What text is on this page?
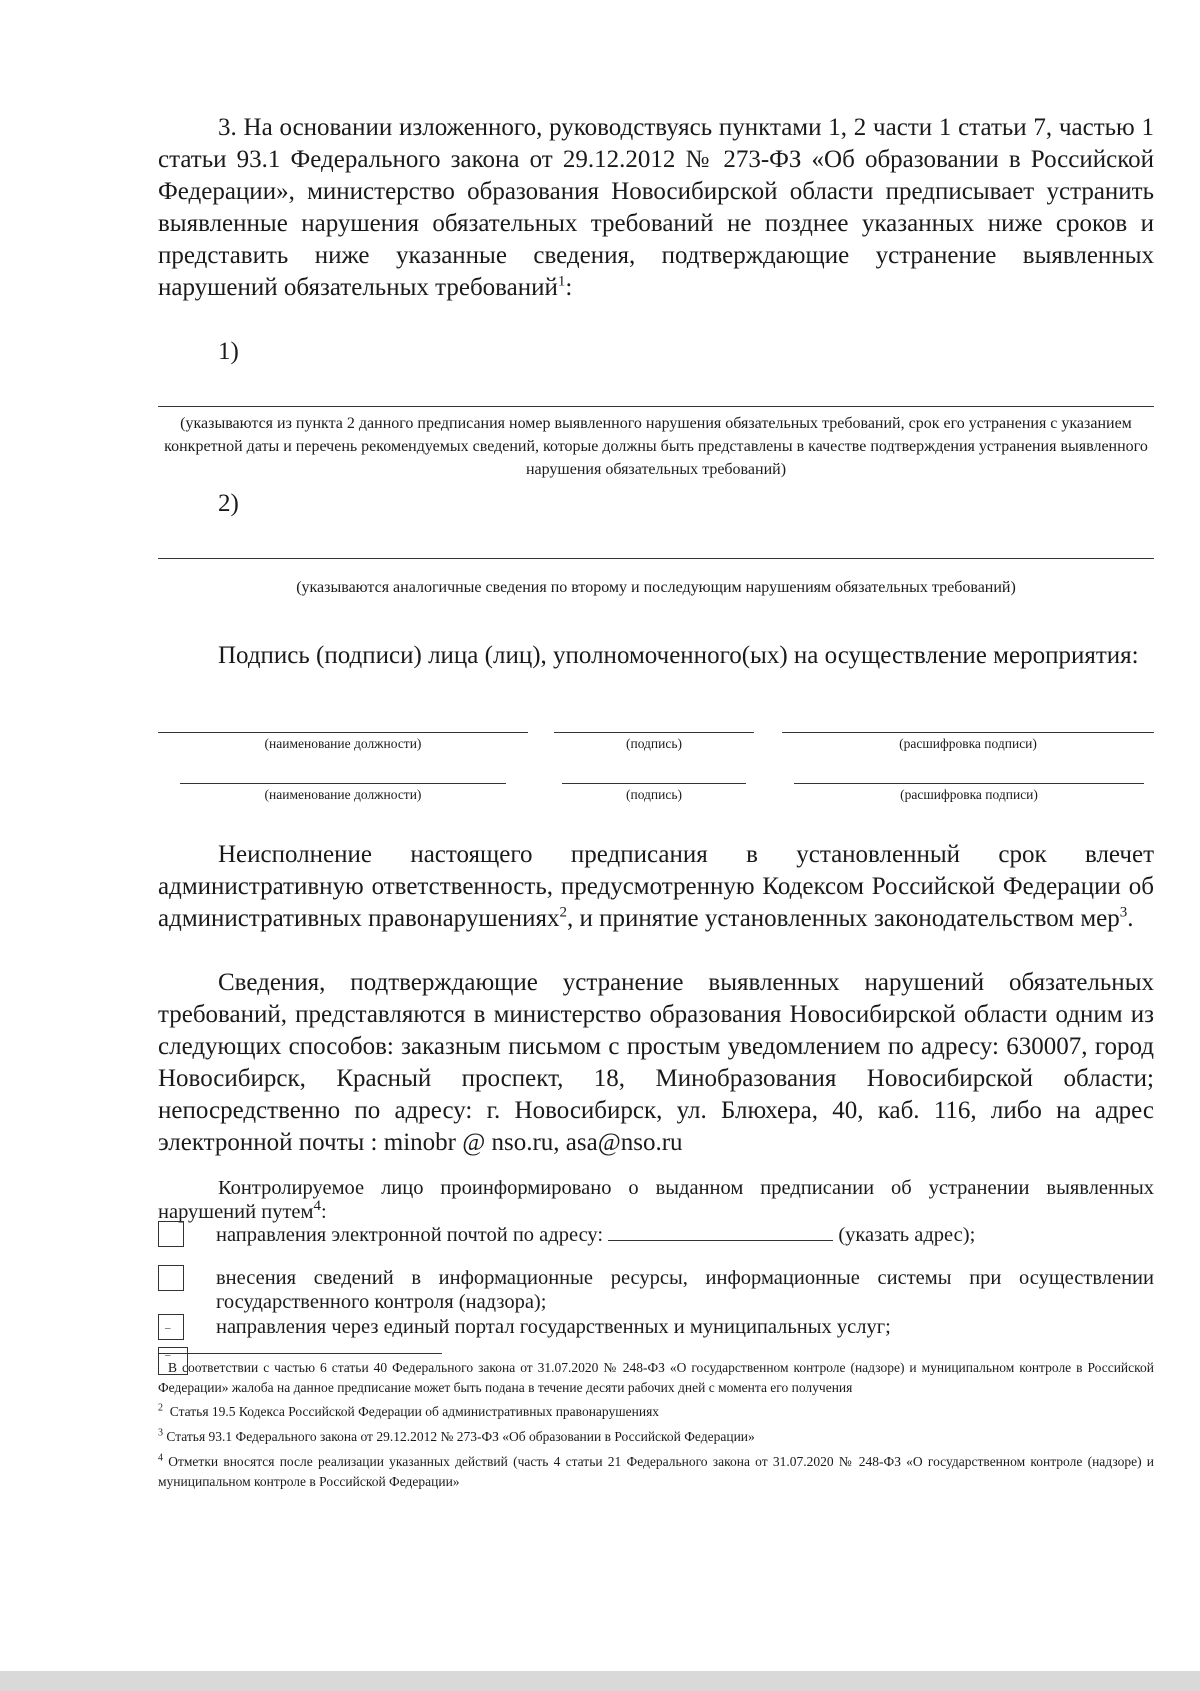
3. На основании изложенного, руководствуясь пунктами 1, 2 части 1 статьи 7, частью 1 статьи 93.1 Федерального закона от 29.12.2012 № 273-ФЗ «Об образовании в Российской Федерации», министерство образования Новосибирской области предписывает устранить выявленные нарушения обязательных требований не позднее указанных ниже сроков и представить ниже указанные сведения, подтверждающие устранение выявленных нарушений обязательных требований$^1$:

1)
(указываются из пункта 2 данного предписания номер выявленного нарушения обязательных требований, срок его устранения с указанием конкретной даты и перечень рекомендуемых сведений, которые должны быть представлены в качестве подтверждения устранения выявленного нарушения обязательных требований)
2)
(указываются аналогичные сведения по второму и последующим нарушениям обязательных требований)

Подпись (подписи) лица (лиц), уполномоченного(ых) на осуществление мероприятия:

(наименование должности)	(подпись)	(расшифровка подписи)
(наименование должности)	(подпись)	(расшифровка подписи)

Неисполнение настоящего предписания в установленный срок влечет административную ответственность, предусмотренную Кодексом Российской Федерации об административных правонарушениях$^2$, и принятие установленных законодательством мер$^3$.

Сведения, подтверждающие устранение выявленных нарушений обязательных требований, представляются в министерство образования Новосибирской области одним из следующих способов: заказным письмом с простым уведомлением по адресу: 630007, город Новосибирск, Красный проспект, 18, Минобразования Новосибирской области; непосредственно по адресу: г. Новосибирск, ул. Блюхера, 40, каб. 116, либо на адрес электронной почты : minobr @ nso.ru, asa@nso.ru

Контролируемое лицо проинформировано о выданном предписании об устранении выявленных нарушений путем$^4$:

направления электронной почтой по адресу:	(указать адрес);
внесения сведений в информационные ресурсы, информационные системы при осуществлении государственного контроля (надзора);
–	направления через единый портал государственных и муниципальных услуг;
–
В соответствии с частью 6 статьи 40 Федерального закона от 31.07.2020 № 248-ФЗ «О государственном контроле (надзоре) и муниципальном контроле в Российской Федерации» жалоба на данное предписание может быть подана в течение десяти рабочих дней с момента его получения
$^2$ Статья 19.5 Кодекса Российской Федерации об административных правонарушениях
$^3$ Статья 93.1 Федерального закона от 29.12.2012 № 273-ФЗ «Об образовании в Российской Федерации»
$^4$ Отметки вносятся после реализации указанных действий (часть 4 статьи 21 Федерального закона от 31.07.2020 № 248-ФЗ «О государственном контроле (надзоре) и муниципальном контроле в Российской Федерации»
